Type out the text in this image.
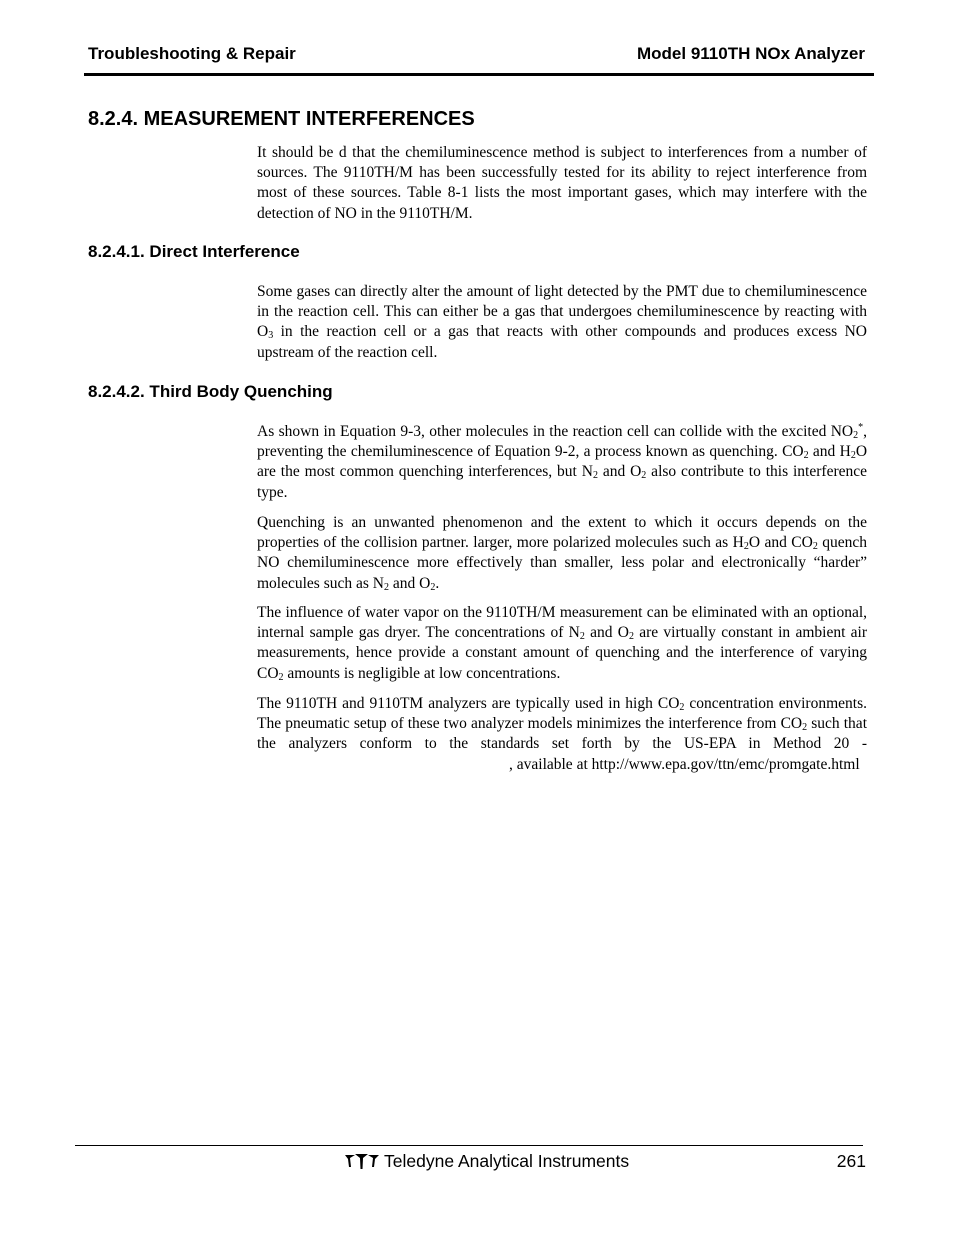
Troubleshooting & Repair	Model 9110TH NOx Analyzer
8.2.4. MEASUREMENT INTERFERENCES

It should be d that the chemiluminescence method is subject to interferences from a number of sources. The 9110TH/M has been successfully tested for its ability to reject interference from most of these sources. Table 8-1 lists the most important gases, which may interfere with the detection of NO in the 9110TH/M.

8.2.4.1. Direct Interference

Some gases can directly alter the amount of light detected by the PMT due to chemiluminescence in the reaction cell. This can either be a gas that undergoes chemiluminescence by reacting with $O_3$ in the reaction cell or a gas that reacts with other compounds and produces excess NO upstream of the reaction cell.

8.2.4.2. Third Body Quenching

As shown in Equation 9-3, other molecules in the reaction cell can collide with the excited $NO_2^*$, preventing the chemiluminescence of Equation 9-2, a process known as quenching. $CO_2$ and $H_2O$ are the most common quenching interferences, but $N_2$ and $O_2$ also contribute to this interference type.

Quenching is an unwanted phenomenon and the extent to which it occurs depends on the properties of the collision partner. larger, more polarized molecules such as $H_2O$ and $CO_2$ quench NO chemiluminescence more effectively than smaller, less polar and electronically “harder” molecules such as $N_2$ and $O_2$.

The influence of water vapor on the 9110TH/M measurement can be eliminated with an optional, internal sample gas dryer. The concentrations of $N_2$ and $O_2$ are virtually constant in ambient air measurements, hence provide a constant amount of quenching and the interference of varying $CO_2$ amounts is negligible at low concentrations.

The 9110TH and 9110TM analyzers are typically used in high $CO_2$ concentration environments. The pneumatic setup of these two analyzer models minimizes the interference from $CO_2$ such that the analyzers conform to the standards set forth by the US-EPA in Method 20 - , available at http://www.epa.gov/ttn/emc/promgate.html

Teledyne Analytical Instruments	261
